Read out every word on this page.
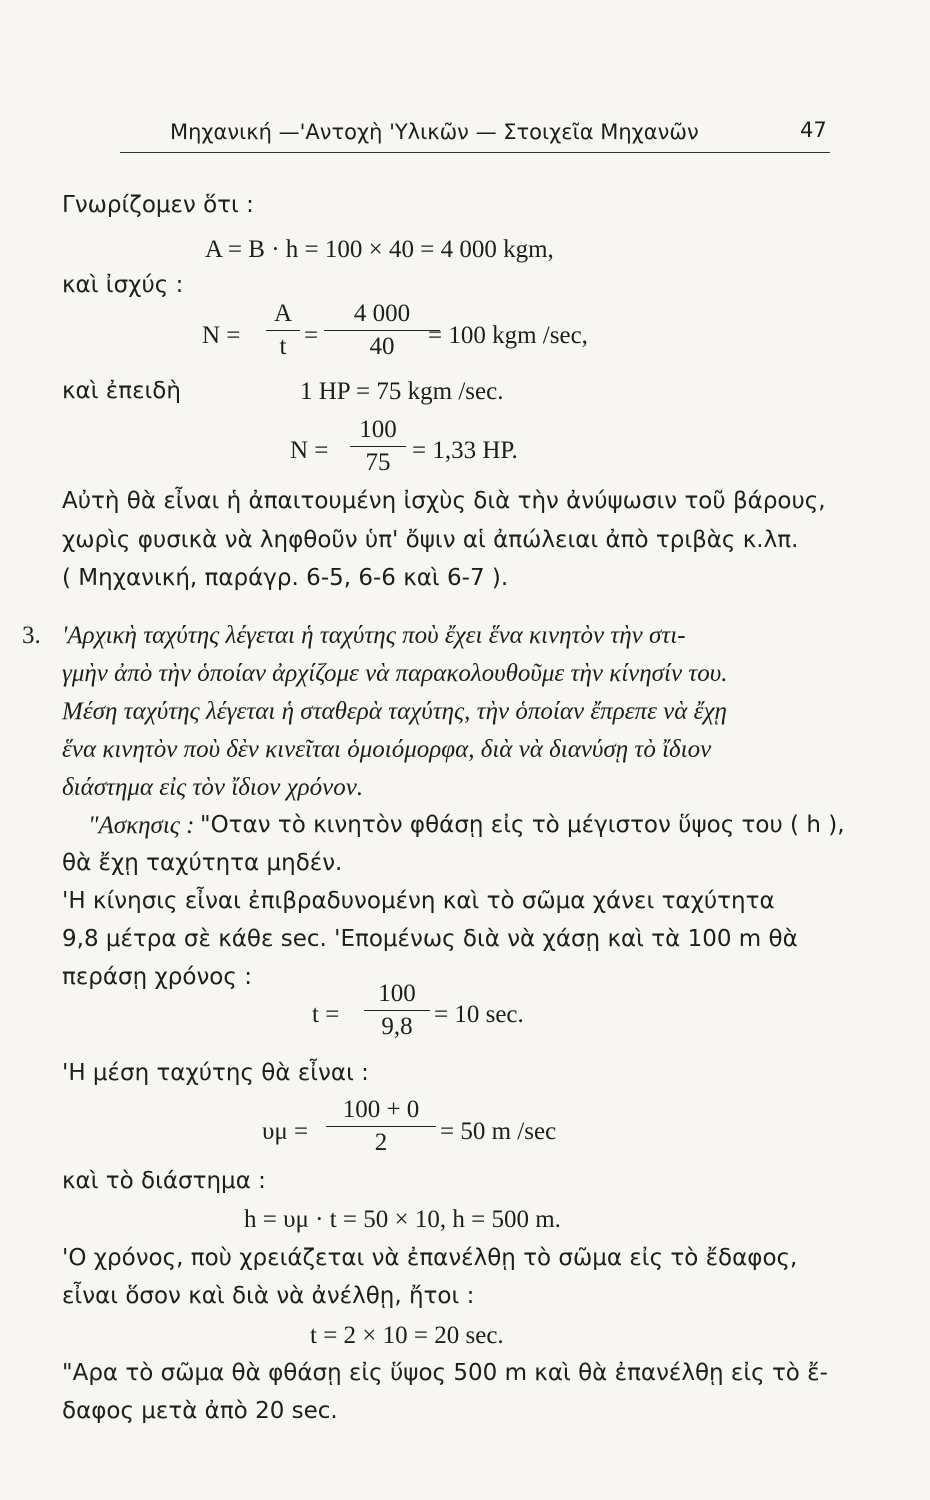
Μηχανική —'Αντοχὴ 'Υλικῶν — Στοιχεῖα Μηχανῶν	47
Γνωρίζομεν ὅτι :
A = B · h = 100 × 40 = 4 000 kgm,
καὶ ἰσχύς :
N =
A
t =
4 000
40	= 100 kgm /sec,
καὶ ἐπειδὴ	1 HP = 75 kgm /sec.
N =
100
75 = 1,33 HP.
Αὐτὴ θὰ εἶναι ἡ ἀπαιτουμένη ἰσχὺς διὰ τὴν ἀνύψωσιν τοῦ βάρους,
χωρὶς φυσικὰ νὰ ληφθοῦν ὑπ' ὄψιν αἱ ἀπώλειαι ἀπὸ τριβὰς κ.λπ.
( Μηχανική, παράγρ. 6-5, 6-6 καὶ 6-7 ).
3. 'Αρχικὴ ταχύτης λέγεται ἡ ταχύτης ποὺ ἔχει ἕνα κινητὸν τὴν στι-
γμὴν ἀπὸ τὴν ὁποίαν ἀρχίζομε νὰ παρακολουθοῦμε τὴν κίνησίν του.
Μέση ταχύτης λέγεται ἡ σταθερὰ ταχύτης, τὴν ὁποίαν ἔπρεπε νὰ ἔχῃ
ἕνα κινητὸν ποὺ δὲν κινεῖται ὁμοιόμορφα, διὰ νὰ διανύσῃ τὸ ἴδιον
διάστημα εἰς τὸν ἴδιον χρόνον.
"Ασκησις : "Οταν τὸ κινητὸν φθάσῃ εἰς τὸ μέγιστον ὕψος του ( h ),
θὰ ἔχῃ ταχύτητα μηδέν.
'Η κίνησις εἶναι ἐπιβραδυνομένη καὶ τὸ σῶμα χάνει ταχύτητα
9,8 μέτρα σὲ κάθε sec. 'Επομένως διὰ νὰ χάσῃ καὶ τὰ 100 m θὰ
περάσῃ χρόνος :
t =
100
9,8 = 10 sec.
'Η μέση ταχύτης θὰ εἶναι :
υμ =
100 + 0
2	= 50 m /sec
καὶ τὸ διάστημα :
h = υμ · t = 50 × 10, h = 500 m.
'Ο χρόνος, ποὺ χρειάζεται νὰ ἐπανέλθῃ τὸ σῶμα εἰς τὸ ἔδαφος,
εἶναι ὅσον καὶ διὰ νὰ ἀνέλθῃ, ἤτοι :
t = 2 × 10 = 20 sec.
"Αρα τὸ σῶμα θὰ φθάσῃ εἰς ὕψος 500 m καὶ θὰ ἐπανέλθῃ εἰς τὸ ἔ-
δαφος μετὰ ἀπὸ 20 sec.
